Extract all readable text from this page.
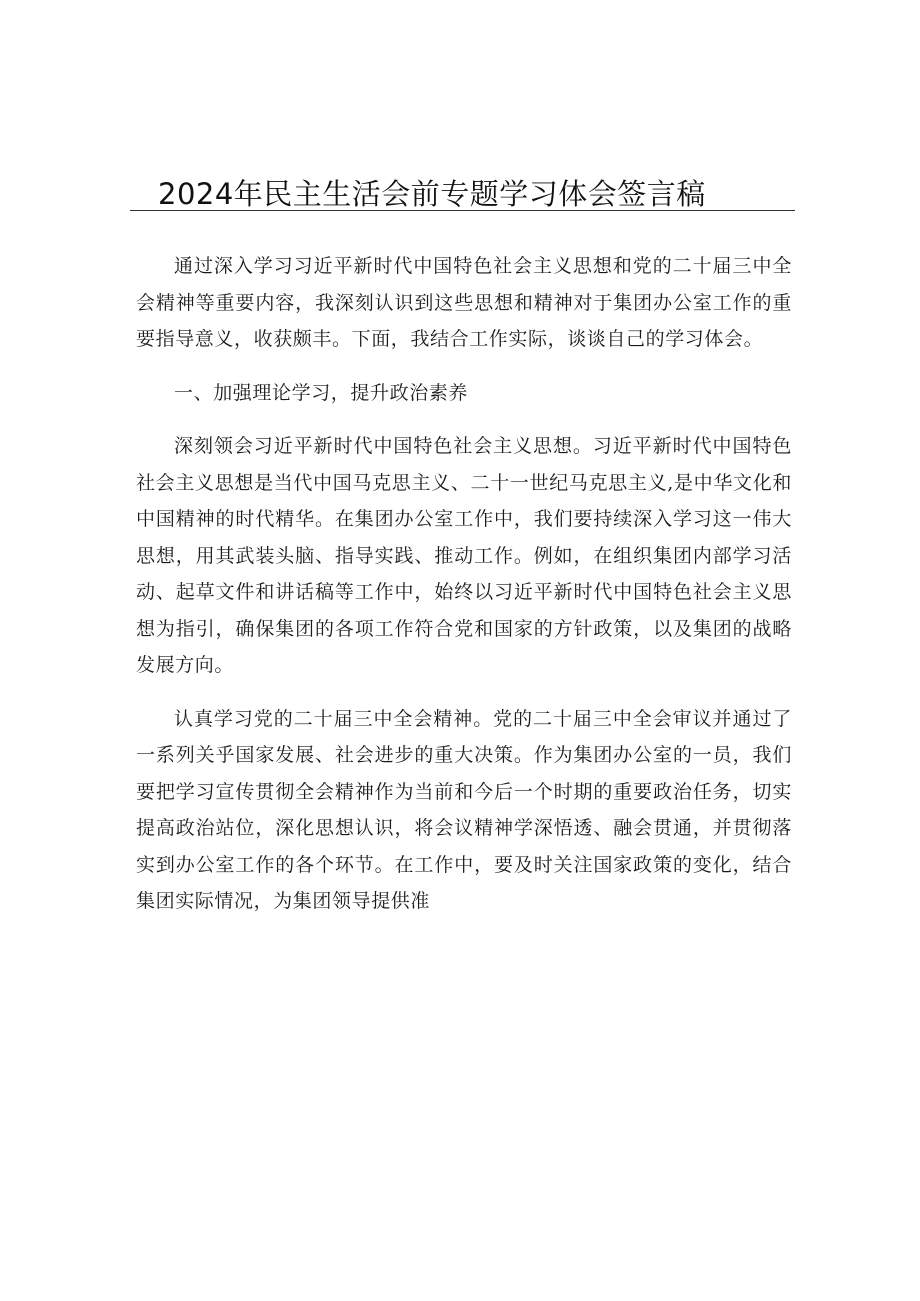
2024年民主生活会前专题学习体会签言稿

通过深入学习习近平新时代中国特色社会主义思想和党的二十届三中全会精神等重要内容，我深刻认识到这些思想和精神对于集团办公室工作的重要指导意义，收获颇丰。下面，我结合工作实际，谈谈自己的学习体会。

一、加强理论学习，提升政治素养

深刻领会习近平新时代中国特色社会主义思想。习近平新时代中国特色社会主义思想是当代中国马克思主义、二十一世纪马克思主义,是中华文化和中国精神的时代精华。在集团办公室工作中，我们要持续深入学习这一伟大思想，用其武装头脑、指导实践、推动工作。例如，在组织集团内部学习活动、起草文件和讲话稿等工作中，始终以习近平新时代中国特色社会主义思想为指引，确保集团的各项工作符合党和国家的方针政策，以及集团的战略发展方向。

认真学习党的二十届三中全会精神。党的二十届三中全会审议并通过了一系列关乎国家发展、社会进步的重大决策。作为集团办公室的一员，我们要把学习宣传贯彻全会精神作为当前和今后一个时期的重要政治任务，切实提高政治站位，深化思想认识，将会议精神学深悟透、融会贯通，并贯彻落实到办公室工作的各个环节。在工作中，要及时关注国家政策的变化，结合集团实际情况，为集团领导提供准
